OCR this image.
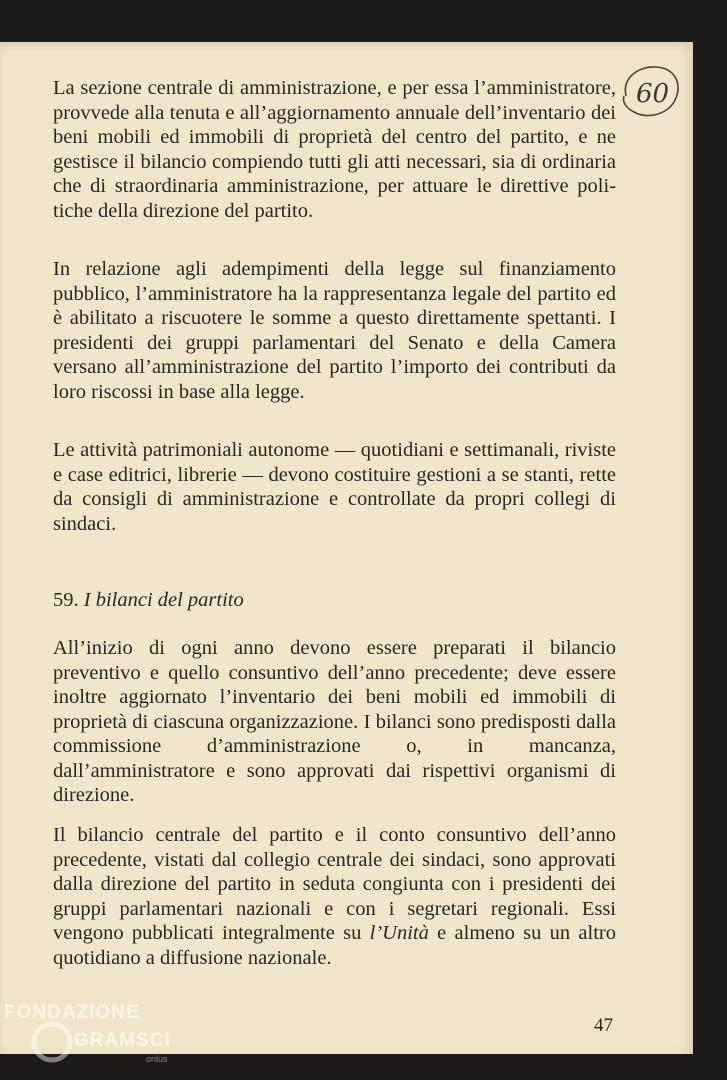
60

La sezione centrale di amministrazione, e per essa l’amministratore, provvede alla tenuta e all’aggiornamento annuale dell’inventario dei beni mobili ed immobili di proprietà del centro del partito, e ne gestisce il bilancio compiendo tutti gli atti necessari, sia di ordinaria che di straordinaria amministrazione, per attuare le direttive politiche della direzione del partito.

In relazione agli adempimenti della legge sul finanziamento pubblico, l’amministratore ha la rappresentanza legale del partito ed è abilitato a riscuotere le somme a questo direttamente spettanti. I presidenti dei gruppi parlamentari del Senato e della Camera versano all’amministrazione del partito l’importo dei contributi da loro riscossi in base alla legge.

Le attività patrimoniali autonome — quotidiani e settimanali, riviste e case editrici, librerie — devono costituire gestioni a se stanti, rette da consigli di amministrazione e controllate da propri collegi di sindaci.

59. I bilanci del partito

All’inizio di ogni anno devono essere preparati il bilancio preventivo e quello consuntivo dell’anno precedente; deve essere inoltre aggiornato l’inventario dei beni mobili ed immobili di proprietà di ciascuna organizzazione. I bilanci sono predisposti dalla commissione d’amministrazione o, in mancanza, dall’amministratore e sono approvati dai rispettivi organismi di direzione.

Il bilancio centrale del partito e il conto consuntivo dell’anno precedente, vistati dal collegio centrale dei sindaci, sono approvati dalla direzione del partito in seduta congiunta con i presidenti dei gruppi parlamentari nazionali e con i segretari regionali. Essi vengono pubblicati integralmente su l’Unità e almeno su un altro quotidiano a diffusione nazionale.

47
FONDAZIONE
GRAMSCI
onlus
